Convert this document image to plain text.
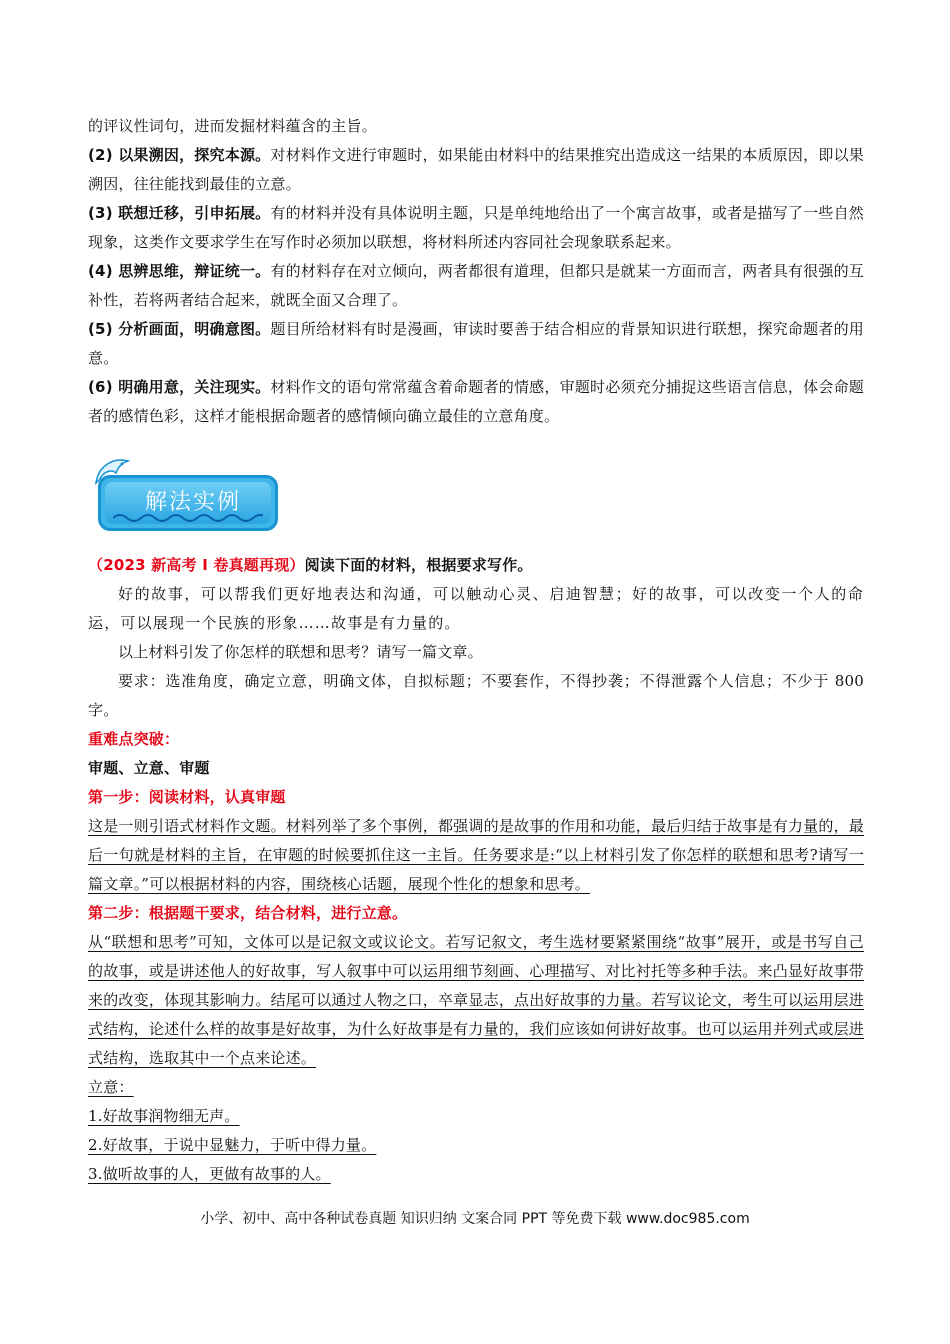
的评议性词句，进而发掘材料蕴含的主旨。

(2) 以果溯因，探究本源。对材料作文进行审题时，如果能由材料中的结果推究出造成这一结果的本质原因，即以果溯因，往往能找到最佳的立意。

(3) 联想迁移，引申拓展。有的材料并没有具体说明主题，只是单纯地给出了一个寓言故事，或者是描写了一些自然现象，这类作文要求学生在写作时必须加以联想，将材料所述内容同社会现象联系起来。

(4) 思辨思维，辩证统一。有的材料存在对立倾向，两者都很有道理，但都只是就某一方面而言，两者具有很强的互补性，若将两者结合起来，就既全面又合理了。

(5) 分析画面，明确意图。题目所给材料有时是漫画，审读时要善于结合相应的背景知识进行联想，探究命题者的用意。

(6) 明确用意，关注现实。材料作文的语句常常蕴含着命题者的情感，审题时必须充分捕捉这些语言信息，体会命题者的感情色彩，这样才能根据命题者的感情倾向确立最佳的立意角度。

解法实例

（2023 新高考 I 卷真题再现）阅读下面的材料，根据要求写作。

好的故事，可以帮我们更好地表达和沟通，可以触动心灵、启迪智慧；好的故事，可以改变一个人的命运，可以展现一个民族的形象……故事是有力量的。

以上材料引发了你怎样的联想和思考？请写一篇文章。

要求：选准角度，确定立意，明确文体，自拟标题；不要套作，不得抄袭；不得泄露个人信息；不少于 800 字。

重难点突破：

审题、立意、审题

第一步：阅读材料，认真审题

这是一则引语式材料作文题。材料列举了多个事例，都强调的是故事的作用和功能，最后归结于故事是有力量的，最后一句就是材料的主旨，在审题的时候要抓住这一主旨。任务要求是:“以上材料引发了你怎样的联想和思考?请写一篇文章。”可以根据材料的内容，围绕核心话题，展现个性化的想象和思考。

第二步：根据题干要求，结合材料，进行立意。

从“联想和思考”可知，文体可以是记叙文或议论文。若写记叙文，考生选材要紧紧围绕“故事”展开，或是书写自己的故事，或是讲述他人的好故事，写人叙事中可以运用细节刻画、心理描写、对比衬托等多种手法。来凸显好故事带来的改变，体现其影响力。结尾可以通过人物之口，卒章显志，点出好故事的力量。若写议论文，考生可以运用层进式结构，论述什么样的故事是好故事，为什么好故事是有力量的，我们应该如何讲好故事。也可以运用并列式或层进式结构，选取其中一个点来论述。

立意：

1.好故事润物细无声。

2.好故事，于说中显魅力，于听中得力量。

3.做听故事的人，更做有故事的人。

小学、初中、高中各种试卷真题 知识归纳 文案合同 PPT 等免费下载 www.doc985.com
